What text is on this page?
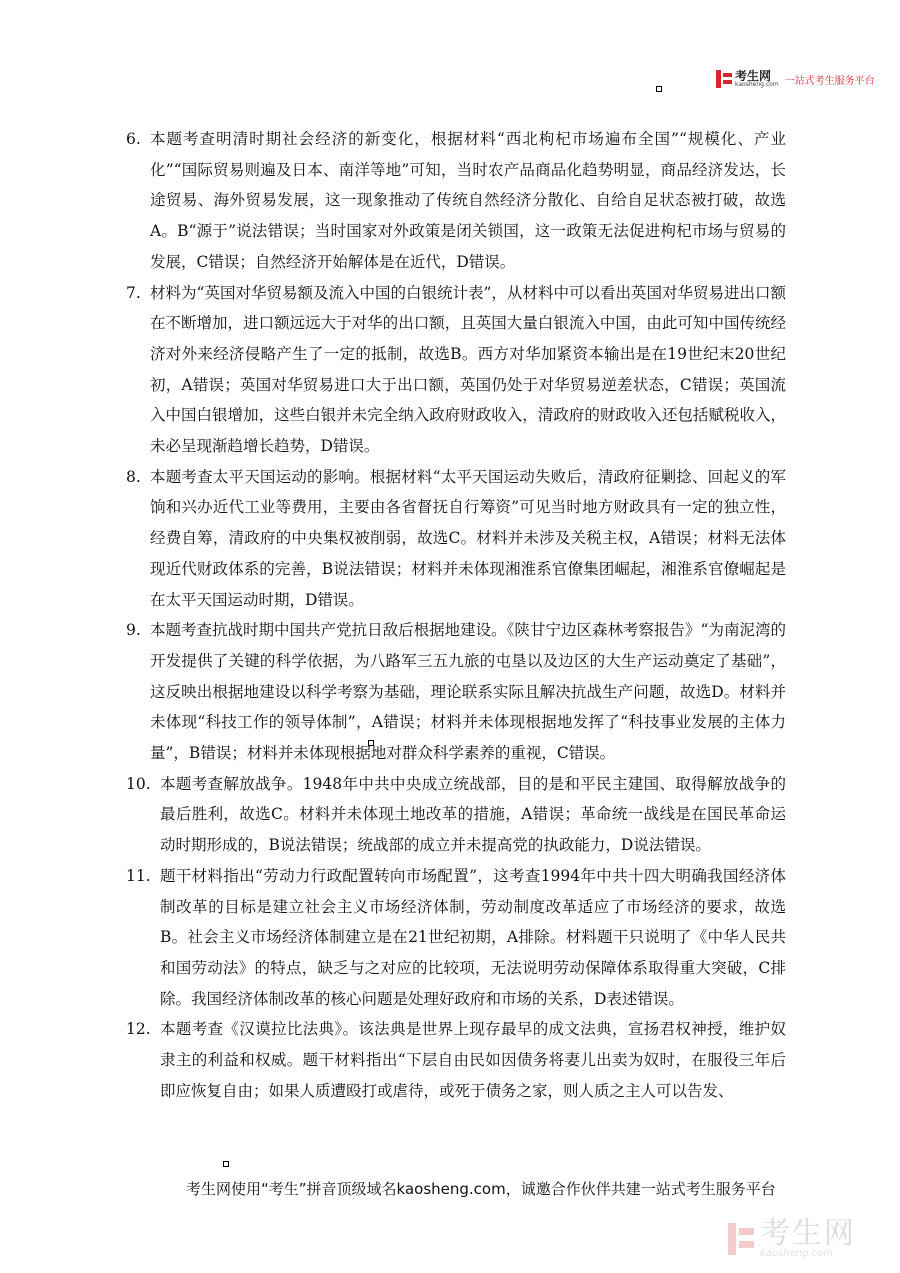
考生网
kaosheng.com 一站式考生服务平台
6. 本题考查明清时期社会经济的新变化，根据材料“西北枸杞市场遍布全国”“规模化、产业化”“国际贸易则遍及日本、南洋等地”可知，当时农产品商品化趋势明显，商品经济发达，长途贸易、海外贸易发展，这一现象推动了传统自然经济分散化、自给自足状态被打破，故选A。B“源于”说法错误；当时国家对外政策是闭关锁国，这一政策无法促进枸杞市场与贸易的发展，C错误；自然经济开始解体是在近代，D错误。
7. 材料为“英国对华贸易额及流入中国的白银统计表”，从材料中可以看出英国对华贸易进出口额在不断增加，进口额远远大于对华的出口额，且英国大量白银流入中国，由此可知中国传统经济对外来经济侵略产生了一定的抵制，故选B。西方对华加紧资本输出是在19世纪末20世纪初，A错误；英国对华贸易进口大于出口额，英国仍处于对华贸易逆差状态，C错误；英国流入中国白银增加，这些白银并未完全纳入政府财政收入，清政府的财政收入还包括赋税收入，未必呈现渐趋增长趋势，D错误。
8. 本题考查太平天国运动的影响。根据材料“太平天国运动失败后，清政府征剿捻、回起义的军饷和兴办近代工业等费用，主要由各省督抚自行筹资”可见当时地方财政具有一定的独立性，经费自筹，清政府的中央集权被削弱，故选C。材料并未涉及关税主权，A错误；材料无法体现近代财政体系的完善，B说法错误；材料并未体现湘淮系官僚集团崛起，湘淮系官僚崛起是在太平天国运动时期，D错误。
9. 本题考查抗战时期中国共产党抗日敌后根据地建设。《陕甘宁边区森林考察报告》“为南泥湾的开发提供了关键的科学依据，为八路军三五九旅的屯垦以及边区的大生产运动奠定了基础”，这反映出根据地建设以科学考察为基础，理论联系实际且解决抗战生产问题，故选D。材料并未体现“科技工作的领导体制”，A错误；材料并未体现根据地发挥了“科技事业发展的主体力量”，B错误；材料并未体现根据地对群众科学素养的重视，C错误。
10. 本题考查解放战争。1948年中共中央成立统战部，目的是和平民主建国、取得解放战争的最后胜利，故选C。材料并未体现土地改革的措施，A错误；革命统一战线是在国民革命运动时期形成的，B说法错误；统战部的成立并未提高党的执政能力，D说法错误。
11. 题干材料指出“劳动力行政配置转向市场配置”，这考查1994年中共十四大明确我国经济体制改革的目标是建立社会主义市场经济体制，劳动制度改革适应了市场经济的要求，故选B。社会主义市场经济体制建立是在21世纪初期，A排除。材料题干只说明了《中华人民共和国劳动法》的特点，缺乏与之对应的比较项，无法说明劳动保障体系取得重大突破，C排除。我国经济体制改革的核心问题是处理好政府和市场的关系，D表述错误。
12. 本题考查《汉谟拉比法典》。该法典是世界上现存最早的成文法典，宣扬君权神授，维护奴隶主的利益和权威。题干材料指出“下层自由民如因债务将妻儿出卖为奴时，在服役三年后即应恢复自由；如果人质遭殴打或虐待，或死于债务之家，则人质之主人可以告发、
考生网使用“考生”拼音顶级域名kaosheng.com，诚邀合作伙伴共建一站式考生服务平台
考生网
kaosheng.com
